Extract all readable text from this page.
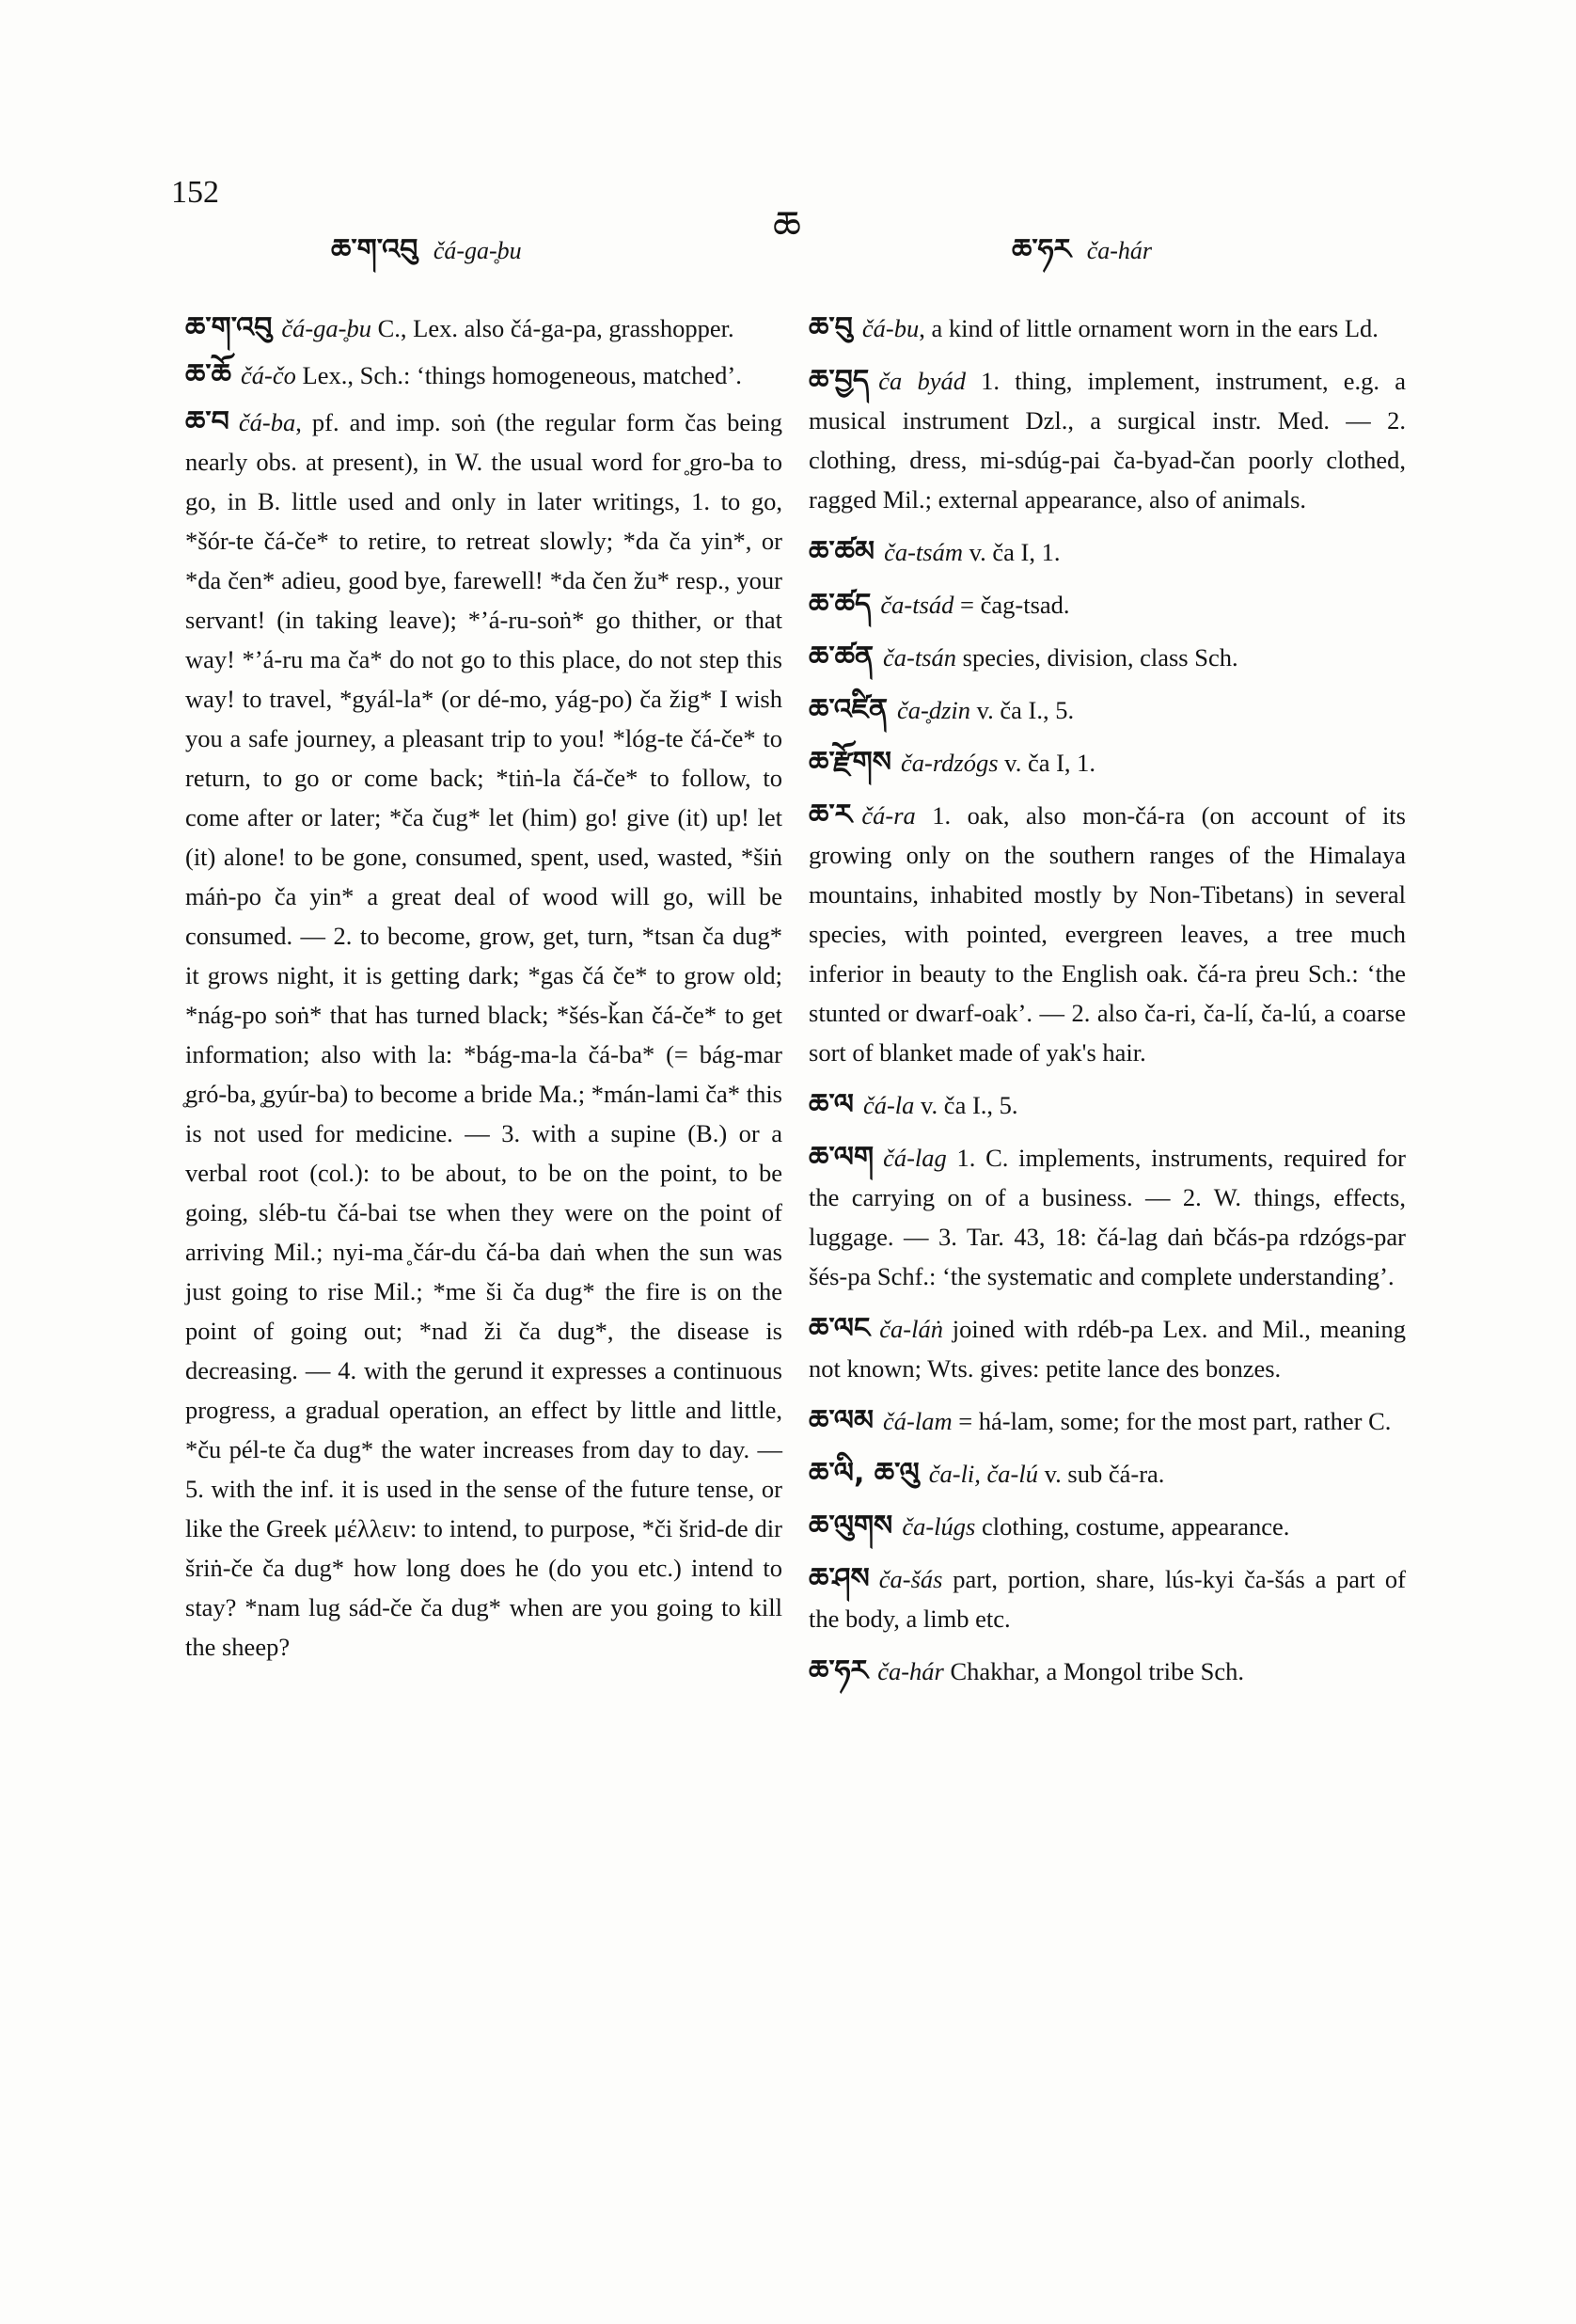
152
ཆ
ཆ་ག་འབུ čá-ga-̥bu	ཆ་ཧར ča-hár

ཆ་ག་འབུ čá-ga-̥bu C., Lex. also čá-ga-pa, grasshopper.

ཆ་ཆོ čá-čo Lex., Sch.: ‘things homogeneous, matched’.

ཆ་བ čá-ba, pf. and imp. soṅ (the regular form čas being nearly obs. at present), in W. the usual word for ̥gro-ba to go, in B. little used and only in later writings, 1. to go, *šór-te čá-če* to retire, to retreat slowly; *da ča yin*, or *da čen* adieu, good bye, farewell! *da čen žu* resp., your servant! (in taking leave); *’á-ru-soṅ* go thither, or that way! *’á-ru ma ča* do not go to this place, do not step this way! to travel, *gyál-la* (or dé-mo, yág-po) ča žig* I wish you a safe journey, a pleasant trip to you! *lóg-te čá-če* to return, to go or come back; *tiṅ-la čá-če* to follow, to come after or later; *ča čug* let (him) go! give (it) up! let (it) alone! to be gone, consumed, spent, used, wasted, *šiṅ máṅ-po ča yin* a great deal of wood will go, will be consumed. — 2. to become, grow, get, turn, *tsan ča dug* it grows night, it is getting dark; *gas čá če* to grow old; *nág-po soṅ* that has turned black; *šés-ǩan čá-če* to get information; also with la: *bág-ma-la čá-ba* (= bág-mar ̥gró-ba, ̥gyúr-ba) to become a bride Ma.; *mán-lami ča* this is not used for medicine. — 3. with a supine (B.) or a verbal root (col.): to be about, to be on the point, to be going, sléb-tu čá-bai tse when they were on the point of arriving Mil.; nyi-ma ̥čár-du čá-ba daṅ when the sun was just going to rise Mil.; *me ši ča dug* the fire is on the point of going out; *nad ži ča dug*, the disease is decreasing. — 4. with the gerund it expresses a continuous progress, a gradual operation, an effect by little and little, *ču pél-te ča dug* the water increases from day to day. — 5. with the inf. it is used in the sense of the future tense, or like the Greek μέλλειν: to intend, to purpose, *či šrid-de dir šriṅ-če ča dug* how long does he (do you etc.) intend to stay? *nam lug sád-če ča dug* when are you going to kill the sheep?

ཆ་བུ čá-bu, a kind of little ornament worn in the ears Ld.

ཆ་བྱད ča byád 1. thing, implement, instrument, e.g. a musical instrument Dzl., a surgical instr. Med. — 2. clothing, dress, mi-sdúg-pai ča-byad-čan poorly clothed, ragged Mil.; external appearance, also of animals.

ཆ་ཚམ ča-tsám v. ča I, 1.

ཆ་ཚད ča-tsád = čag-tsad.

ཆ་ཚན ča-tsán species, division, class Sch.

ཆ་འཛིན ča-̥dzin v. ča I., 5.

ཆ་རྫོགས ča-rdzógs v. ča I, 1.

ཆ་ར čá-ra 1. oak, also mon-čá-ra (on account of its growing only on the southern ranges of the Himalaya mountains, inhabited mostly by Non-Tibetans) in several species, with pointed, evergreen leaves, a tree much inferior in beauty to the English oak. čá-ra ṗreu Sch.: ‘the stunted or dwarf-oak’. — 2. also ča-ri, ča-lí, ča-lú, a coarse sort of blanket made of yak's hair.

ཆ་ལ čá-la v. ča I., 5.

ཆ་ལག čá-lag 1. C. implements, instruments, required for the carrying on of a business. — 2. W. things, effects, luggage. — 3. Tar. 43, 18: čá-lag daṅ bčás-pa rdzógs-par šés-pa Schf.: ‘the systematic and complete understanding’.

ཆ་ལང ča-láṅ joined with rdéb-pa Lex. and Mil., meaning not known; Wts. gives: petite lance des bonzes.

ཆ་ལམ čá-lam = há-lam, some; for the most part, rather C.

ཆ་ལི, ཆ་ལུ ča-li, ča-lú v. sub čá-ra.

ཆ་ལུགས ča-lúgs clothing, costume, appearance.

ཆ་ཤས ča-šás part, portion, share, lús-kyi ča-šás a part of the body, a limb etc.

ཆ་ཧར ča-hár Chakhar, a Mongol tribe Sch.
